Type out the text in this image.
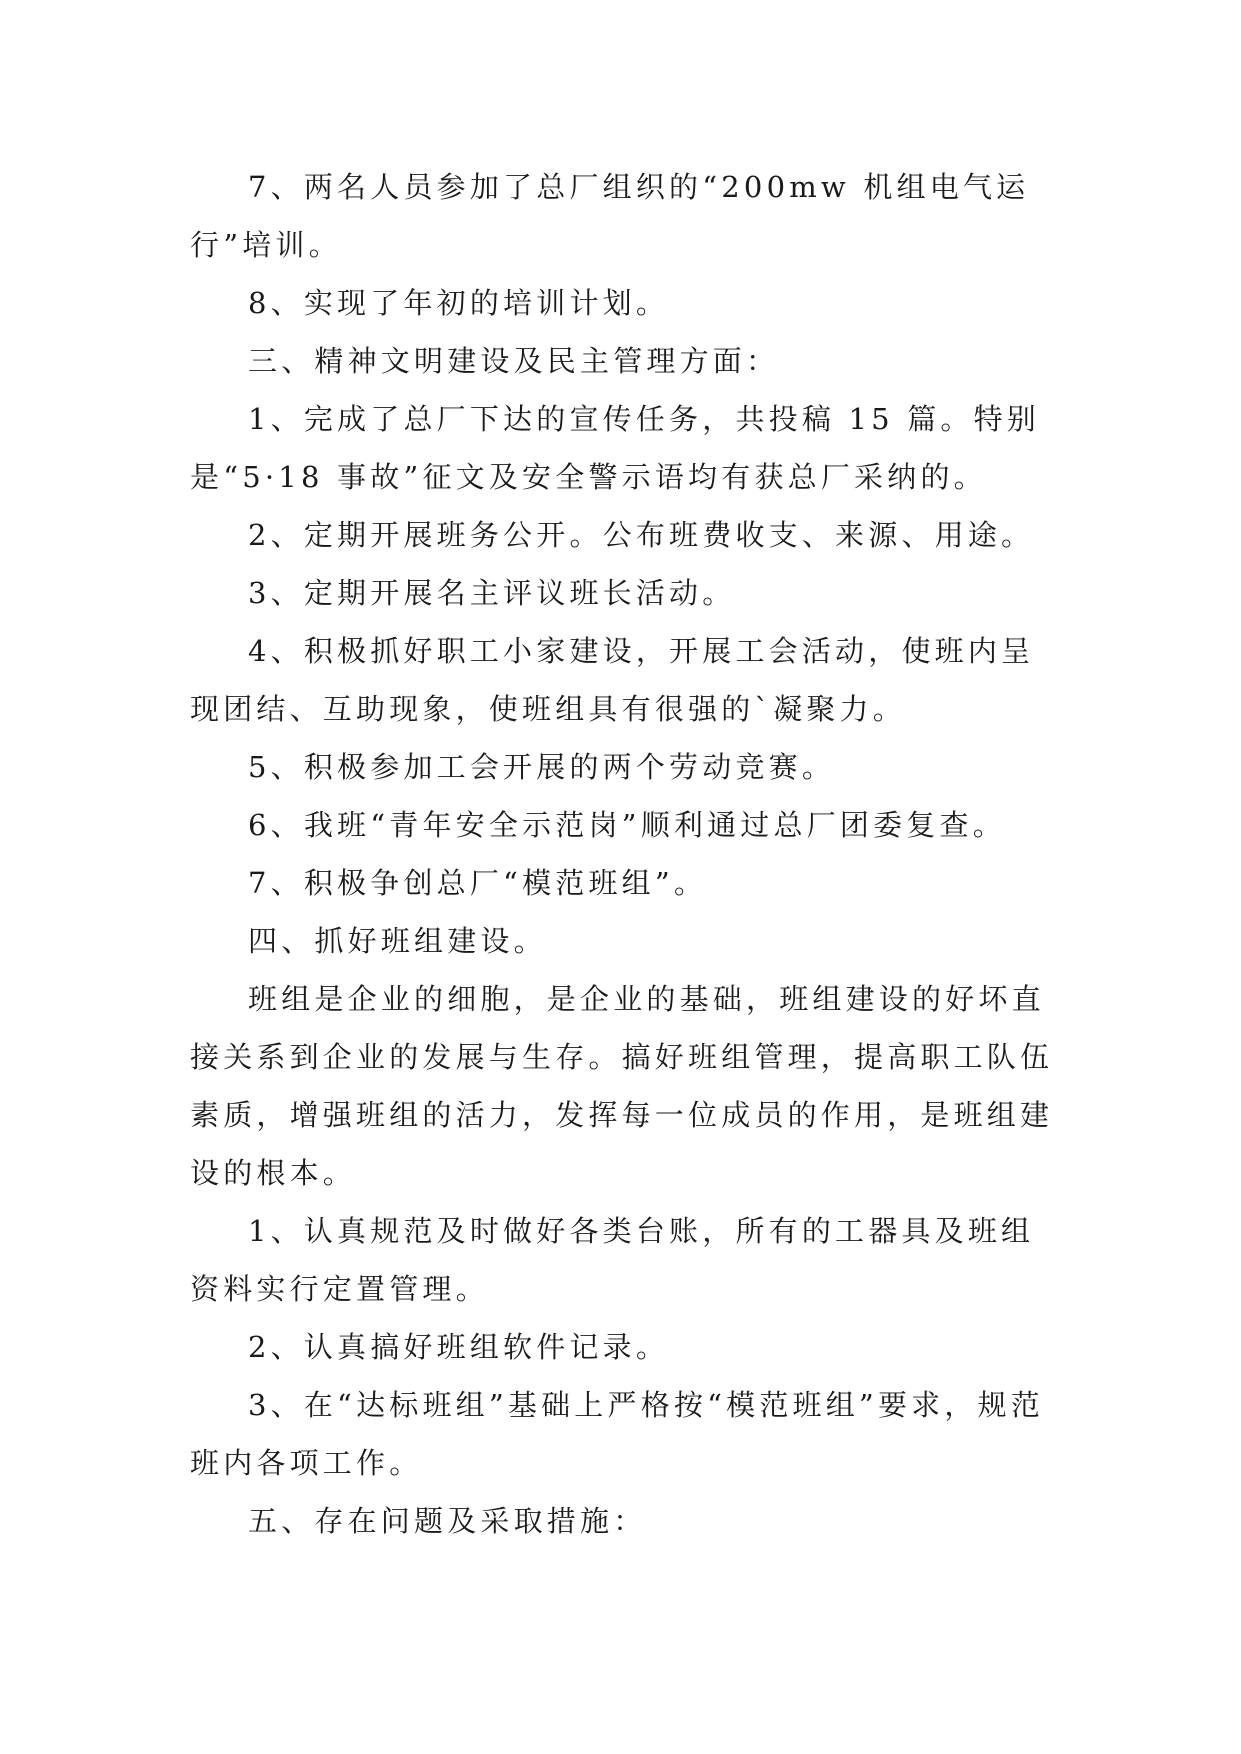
7、两名人员参加了总厂组织的“200mw 机组电气运行”培训。

8、实现了年初的培训计划。

三、精神文明建设及民主管理方面：

1、完成了总厂下达的宣传任务，共投稿 15 篇。特别是“5·18 事故”征文及安全警示语均有获总厂采纳的。

2、定期开展班务公开。公布班费收支、来源、用途。

3、定期开展名主评议班长活动。

4、积极抓好职工小家建设，开展工会活动，使班内呈现团结、互助现象，使班组具有很强的`凝聚力。

5、积极参加工会开展的两个劳动竞赛。

6、我班“青年安全示范岗”顺利通过总厂团委复查。

7、积极争创总厂“模范班组”。

四、抓好班组建设。

班组是企业的细胞，是企业的基础，班组建设的好坏直接关系到企业的发展与生存。搞好班组管理，提高职工队伍素质，增强班组的活力，发挥每一位成员的作用，是班组建设的根本。

1、认真规范及时做好各类台账，所有的工器具及班组资料实行定置管理。

2、认真搞好班组软件记录。

3、在“达标班组”基础上严格按“模范班组”要求，规范班内各项工作。

五、存在问题及采取措施：
